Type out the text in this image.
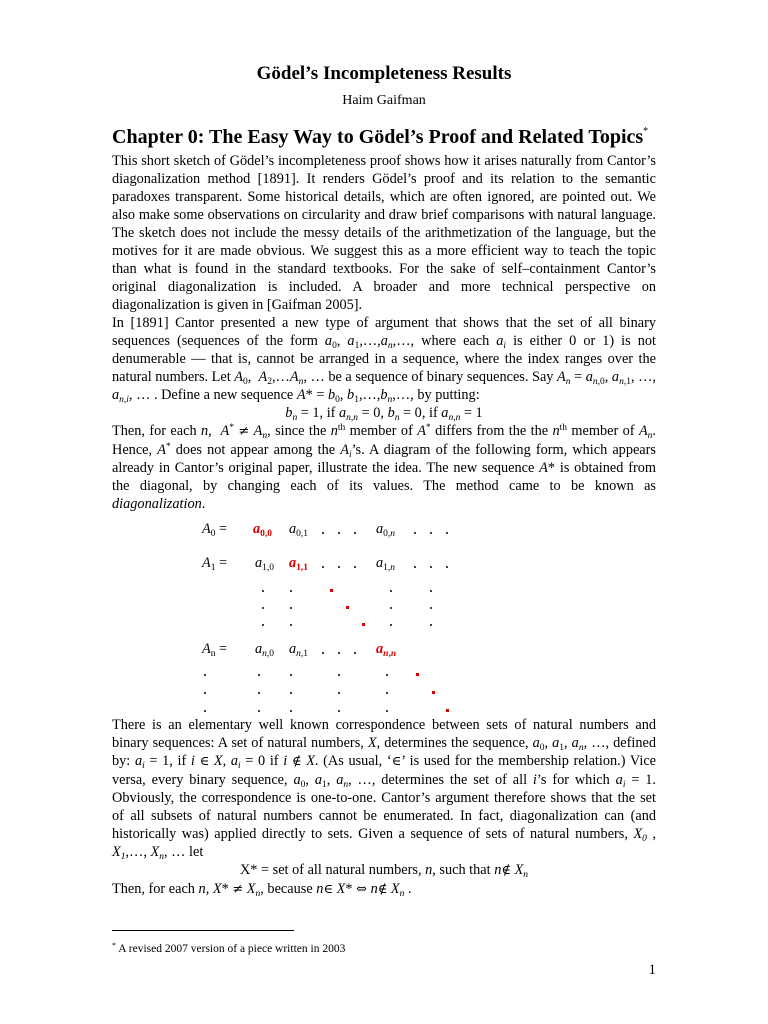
Gödel’s Incompleteness Results
Haim Gaifman
Chapter 0: The Easy Way to Gödel’s Proof and Related Topics*

This short sketch of Gödel’s incompleteness proof shows how it arises naturally from Cantor’s diagonalization method [1891]. It renders Gödel’s proof and its relation to the semantic paradoxes transparent. Some historical details, which are often ignored, are pointed out. We also make some observations on circularity and draw brief comparisons with natural language. The sketch does not include the messy details of the arithmetization of the language, but the motives for it are made obvious. We suggest this as a more efficient way to teach the topic than what is found in the standard textbooks. For the sake of self–containment Cantor’s original diagonalization is included. A broader and more technical perspective on diagonalization is given in [Gaifman 2005].

In [1891] Cantor presented a new type of argument that shows that the set of all binary sequences (sequences of the form $a_0$, $a_1,\dots,a_n,\dots$, where each $a_i$ is either 0 or 1) is not denumerable — that is, cannot be arranged in a sequence, where the index ranges over the natural numbers. Let $A_0$,  $A_2,\dots A_n$, … be a sequence of binary sequences. Say $A_n = a_{n,0}$, $a_{n,1}$, …, $a_{n,i}$, … . Define a new sequence $A* = b_0$, $b_1,\dots,b_n,\dots$, by putting:

$b_n = 1$, if $a_{n,n} = 0$, $b_n = 0$, if $a_{n,n} = 1$

Then, for each n,  $A^* \ne A_n$, since the $n^{th}$ member of A* differs from the the $n^{th}$ member of $A_n$. Hence, A* does not appear among the $A_i’s$. A diagram of the following form, which appears already in Cantor’s original paper, illustrate the idea. The new sequence A* is obtained from the diagonal, by changing each of its values. The method came to be known as diagonalization.

$A_0 = a_{0,0}$ $a_{0,1}$	$a_{0,n}$
$A_1 = a_{1,0}$ $a_{1,1}$	$a_{1,n}$
$A_n = a_{n,0}$ $a_{n,1}$	$a_{n,n}$

There is an elementary well known correspondence between sets of natural numbers and binary sequences: A set of natural numbers, X, determines the sequence, $a_0$, $a_1$, $a_n$, …, defined by: $a_i = 1$, if i ∈ X, $a_i = 0$ if i ∉ X. (As usual, ‘∈’ is used for the membership relation.) Vice versa, every binary sequence, $a_0$, $a_1$, $a_n$, …, determines the set of all i’s for which $a_i = 1$. Obviously, the correspondence is one-to-one. Cantor’s argument therefore shows that the set of all subsets of natural numbers cannot be enumerated. In fact, diagonalization can (and historically was) applied directly to sets. Given a sequence of sets of natural numbers, $X_0$ , $X_1,\dots$, $X_n$, … let

X* = set of all natural numbers, n, such that n∉ $X_n$

Then, for each n, $X* \ne X_n$, because n∈ X* ⇔ n∉ $X_n$ .

* A revised 2007 version of a piece written in 2003
1
